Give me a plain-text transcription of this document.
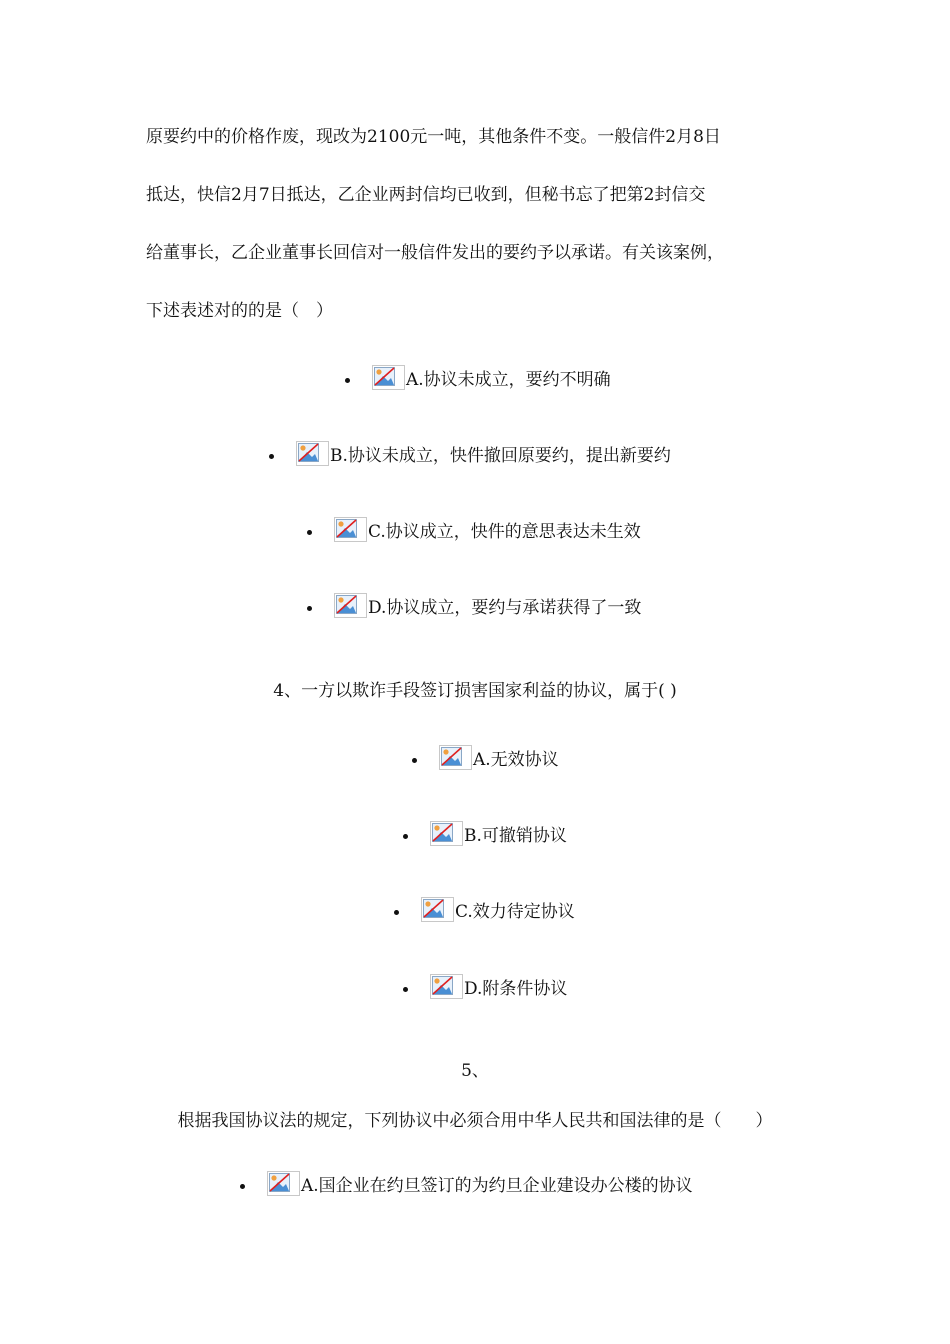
原要约中的价格作废，现改为2100元一吨，其他条件不变。一般信件2月8日
抵达，快信2月7日抵达，乙企业两封信均已收到，但秘书忘了把第2封信交
给董事长，乙企业董事长回信对一般信件发出的要约予以承诺。有关该案例，
下述表述对的的是（　）
A.协议未成立，要约不明确
B.协议未成立，快件撤回原要约，提出新要约
C.协议成立，快件的意思表达未生效
D.协议成立，要约与承诺获得了一致
4、一方以欺诈手段签订损害国家利益的协议，属于( )
A.无效协议
B.可撤销协议
C.效力待定协议
D.附条件协议
5、
根据我国协议法的规定，下列协议中必须合用中华人民共和国法律的是（　　）
A.国企业在约旦签订的为约旦企业建设办公楼的协议
